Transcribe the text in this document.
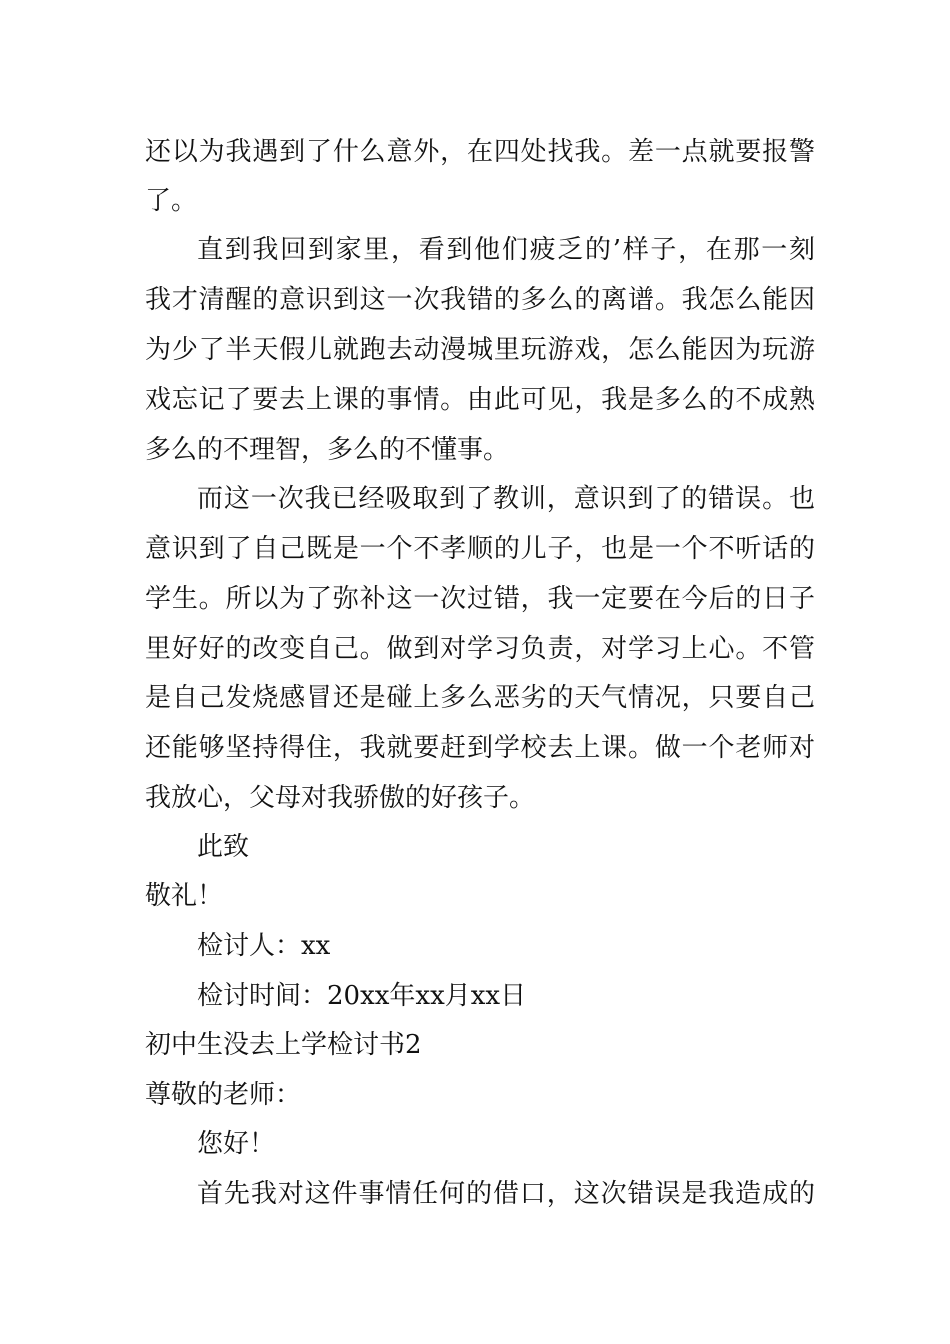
还以为我遇到了什么意外，在四处找我。差一点就要报警
了。
直到我回到家里，看到他们疲乏的’样子，在那一刻
我才清醒的意识到这一次我错的多么的离谱。我怎么能因
为少了半天假儿就跑去动漫城里玩游戏，怎么能因为玩游
戏忘记了要去上课的事情。由此可见，我是多么的不成熟
多么的不理智，多么的不懂事。
而这一次我已经吸取到了教训，意识到了的错误。也
意识到了自己既是一个不孝顺的儿子，也是一个不听话的
学生。所以为了弥补这一次过错，我一定要在今后的日子
里好好的改变自己。做到对学习负责，对学习上心。不管
是自己发烧感冒还是碰上多么恶劣的天气情况，只要自己
还能够坚持得住，我就要赶到学校去上课。做一个老师对
我放心，父母对我骄傲的好孩子。
此致
敬礼！
检讨人：xx
检讨时间：20xx年xx月xx日
初中生没去上学检讨书2
尊敬的老师：
您好！
首先我对这件事情任何的借口，这次错误是我造成的
